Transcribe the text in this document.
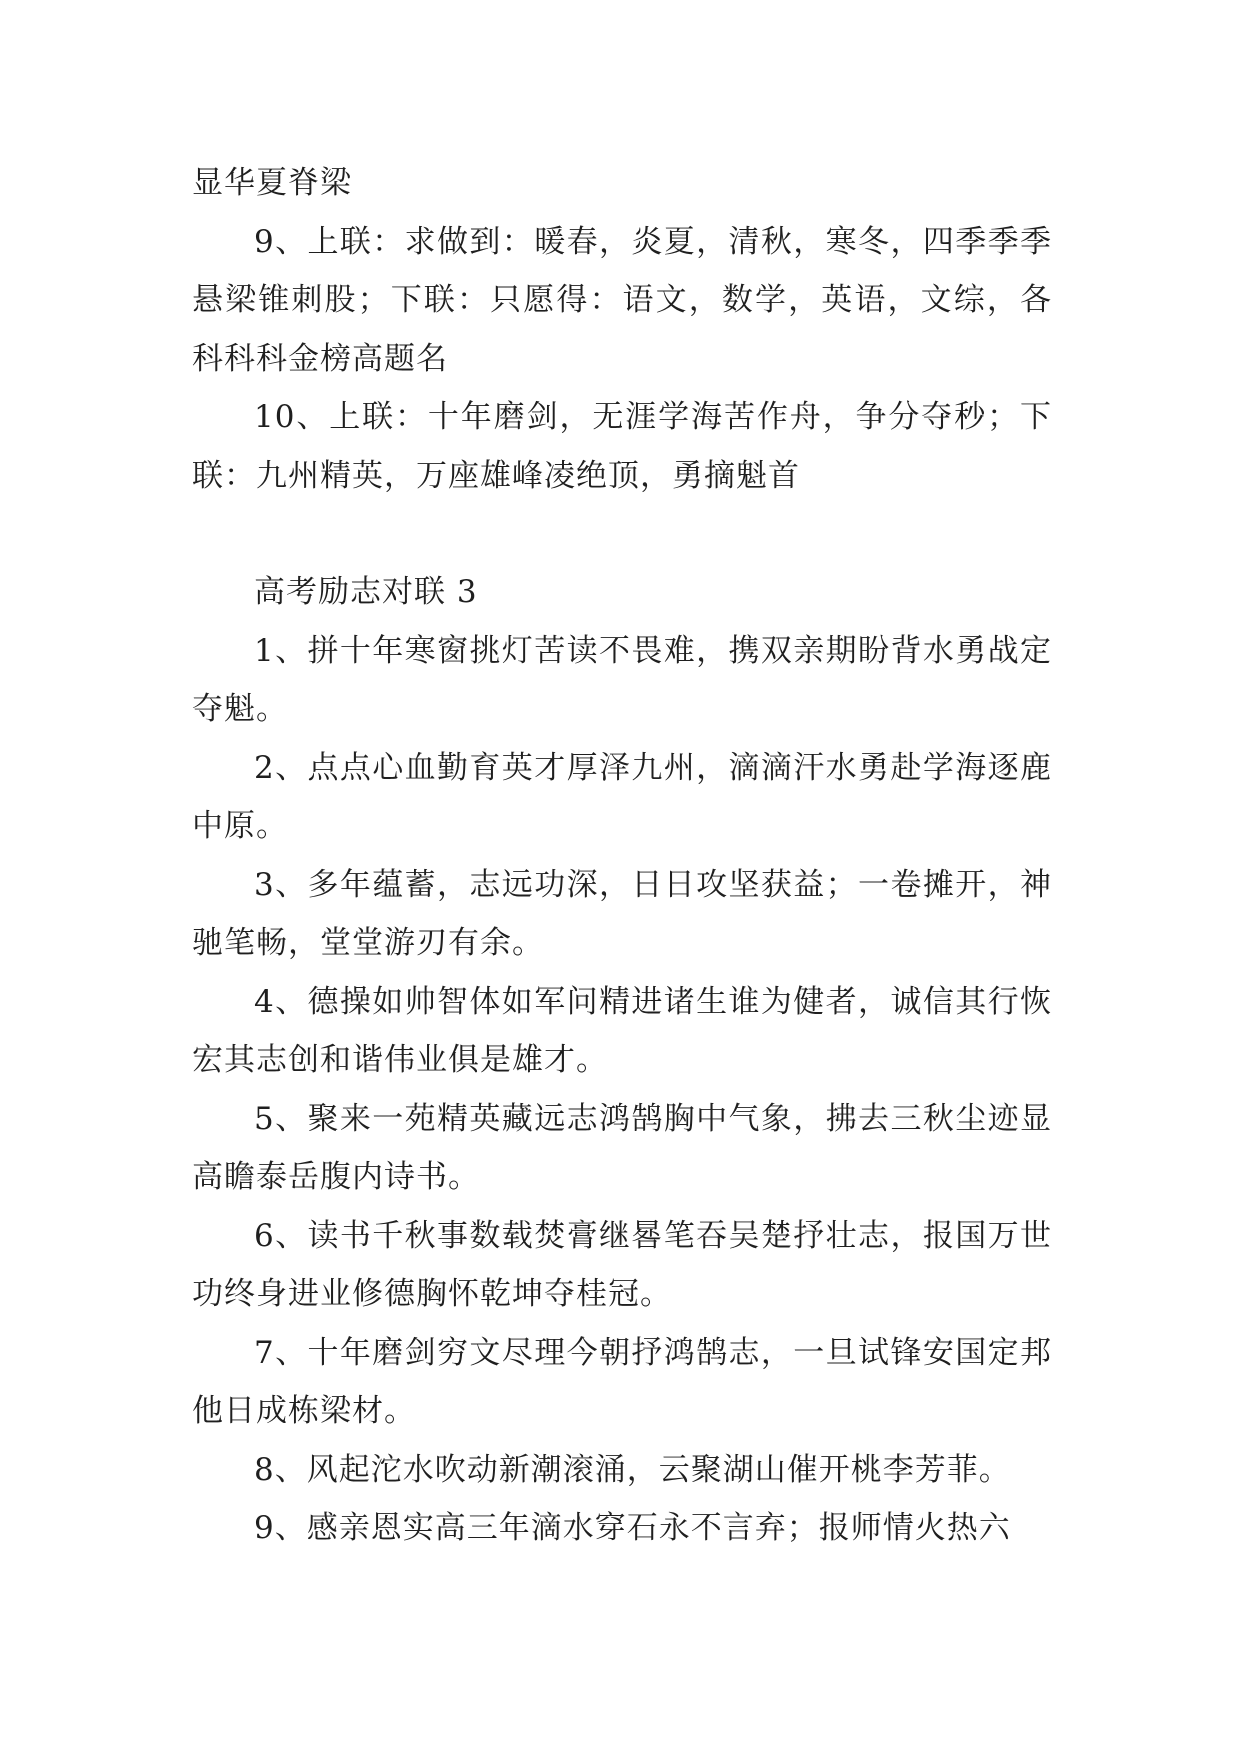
显华夏脊梁

9、上联：求做到：暖春，炎夏，清秋，寒冬，四季季季悬梁锥刺股；下联：只愿得：语文，数学，英语，文综，各科科科金榜高题名

10、上联：十年磨剑，无涯学海苦作舟，争分夺秒；下联：九州精英，万座雄峰凌绝顶，勇摘魁首

高考励志对联 3

1、拼十年寒窗挑灯苦读不畏难，携双亲期盼背水勇战定夺魁。

2、点点心血勤育英才厚泽九州，滴滴汗水勇赴学海逐鹿中原。

3、多年蕴蓄，志远功深，日日攻坚获益；一卷摊开，神驰笔畅，堂堂游刃有余。

4、德操如帅智体如军问精进诸生谁为健者，诚信其行恢宏其志创和谐伟业俱是雄才。

5、聚来一苑精英藏远志鸿鹄胸中气象，拂去三秋尘迹显高瞻泰岳腹内诗书。

6、读书千秋事数载焚膏继晷笔吞吴楚抒壮志，报国万世功终身进业修德胸怀乾坤夺桂冠。

7、十年磨剑穷文尽理今朝抒鸿鹄志，一旦试锋安国定邦他日成栋梁材。

8、风起沱水吹动新潮滚涌，云聚湖山催开桃李芳菲。

9、感亲恩实高三年滴水穿石永不言弃；报师情火热六
